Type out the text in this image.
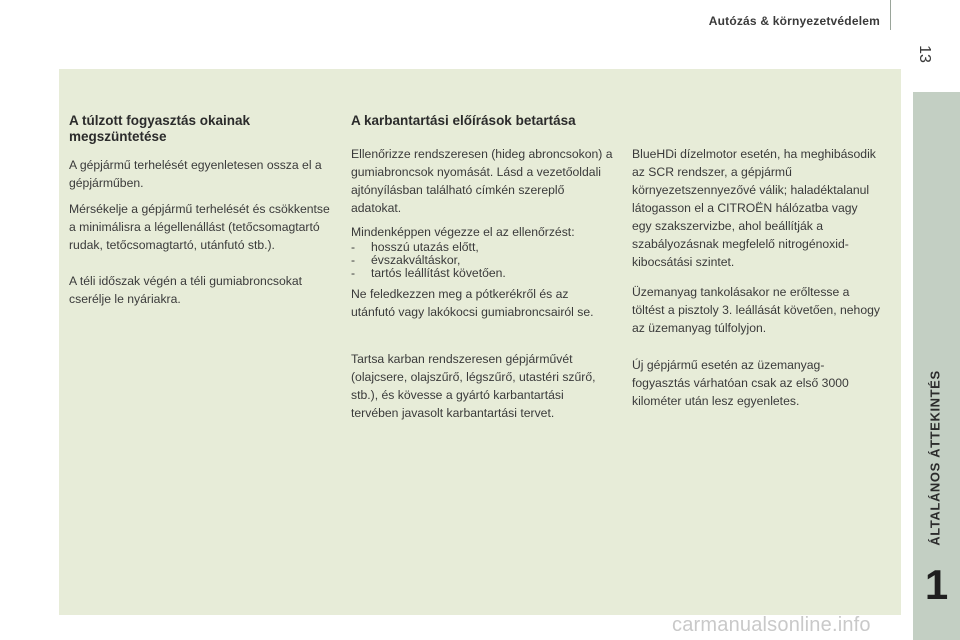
Autózás & környezetvédelem
13
ÁLTALÁNOS ÁTTEKINTÉS
1
A túlzott fogyasztás okainak megszüntetése

A gépjármű terhelését egyenletesen ossza el a gépjárműben.

Mérsékelje a gépjármű terhelését és csökkentse a minimálisra a légellenállást (tetőcsomagtartó rudak, tetőcsomagtartó, utánfutó stb.).

A téli időszak végén a téli gumiabroncsokat cserélje le nyáriakra.

A karbantartási előírások betartása

Ellenőrizze rendszeresen (hideg abroncsokon) a gumiabroncsok nyomását. Lásd a vezetőoldali ajtónyílásban található címkén szereplő adatokat.

Mindenképpen végezze el az ellenőrzést:

- hosszú utazás előtt,
- évszakváltáskor,
- tartós leállítást követően.

Ne feledkezzen meg a pótkerékről és az utánfutó vagy lakókocsi gumiabroncsairól se.

Tartsa karban rendszeresen gépjárművét (olajcsere, olajszűrő, légszűrő, utastéri szűrő, stb.), és kövesse a gyártó karbantartási tervében javasolt karbantartási tervet.

BlueHDi dízelmotor esetén, ha meghibásodik az SCR rendszer, a gépjármű környezetszennyezővé válik; haladéktalanul látogasson el a CITROËN hálózatba vagy egy szakszervizbe, ahol beállítják a szabályozásnak megfelelő nitrogénoxid-kibocsátási szintet.

Üzemanyag tankolásakor ne erőltesse a töltést a pisztoly 3. leállását követően, nehogy az üzemanyag túlfolyjon.

Új gépjármű esetén az üzemanyag-fogyasztás várhatóan csak az első 3000 kilométer után lesz egyenletes.

carmanualsonline.info
